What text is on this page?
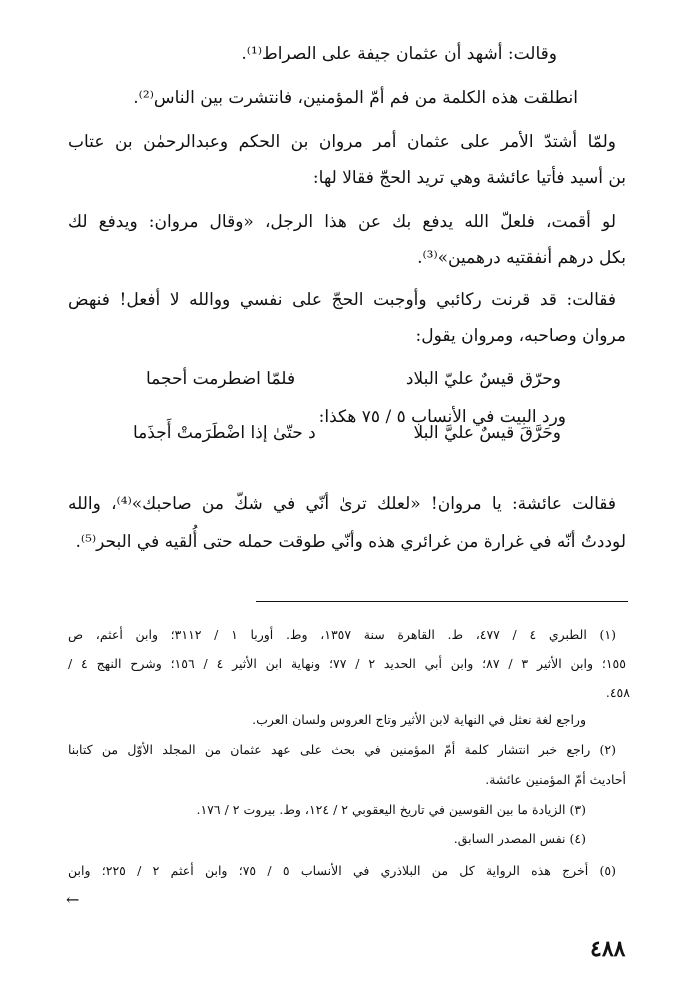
وقالت: أشهد أن عثمان جيفة على الصراط⁽¹⁾.
انطلقت هذه الكلمة من فم أمّ المؤمنين، فانتشرت بين الناس⁽²⁾.
ولمّا أشتدّ الأمر على عثمان أمر مروان بن الحكم وعبدالرحمٰن بن عتاب
بن أسيد فأتيا عائشة وهي تريد الحجّ فقالا لها:
لو أقمت، فلعلّ الله يدفع بك عن هذا الرجل، «وقال مروان: ويدفع لك
بكل درهم أنفقتيه درهمين»⁽³⁾.
فقالت: قد قرنت ركائبي وأوجبت الحجّ على نفسي ووالله لا أفعل! فنهض
مروان وصاحبه، ومروان يقول:
وحرّق قيسٌ عليّ البلاد
فلمّا اضطرمت أحجما
ورد البيت في الأنساب ٥ / ٧٥ هكذا:
وحَرَّقَ قيسٌ عليَّ البلا
د حتّىٰ إذا اضْطَرَمتْ أَجذَما
فقالت عائشة: يا مروان! «لعلك ترىٰ أنّي في شكّ من صاحبك»⁽⁴⁾، والله
لوددتُ أنّه في غرارة من غرائري هذه وأنّي طوقت حمله حتى أُلقيه في البحر⁽⁵⁾.
(١) الطبري ٤ / ٤٧٧، ط. القاهرة سنة ١٣٥٧، وط. أوربا ١ / ٣١١٢؛ وابن أعثم، ص
١٥٥؛ وابن الأثير ٣ / ٨٧؛ وابن أبي الحديد ٢ / ٧٧؛ ونهاية ابن الأثير ٤ / ١٥٦؛ وشرح النهج ٤ /
٤٥٨.
وراجع لغة نعثل في النهاية لابن الأثير وتاج العروس ولسان العرب.
(٢) راجع خبر انتشار كلمة أمّ المؤمنين في بحث على عهد عثمان من المجلد الأوّل من كتابنا
أحاديث أمّ المؤمنين عائشة.
(٣) الزيادة ما بين القوسين في تاريخ اليعقوبي ٢ / ١٢٤، وط. بيروت ٢ / ١٧٦.
(٤) نفس المصدر السابق.
(٥) أخرج هذه الرواية كل من البلاذري في الأنساب ٥ / ٧٥؛ وابن أعثم ٢ / ٢٢٥؛ وابن
←
٤٨٨
